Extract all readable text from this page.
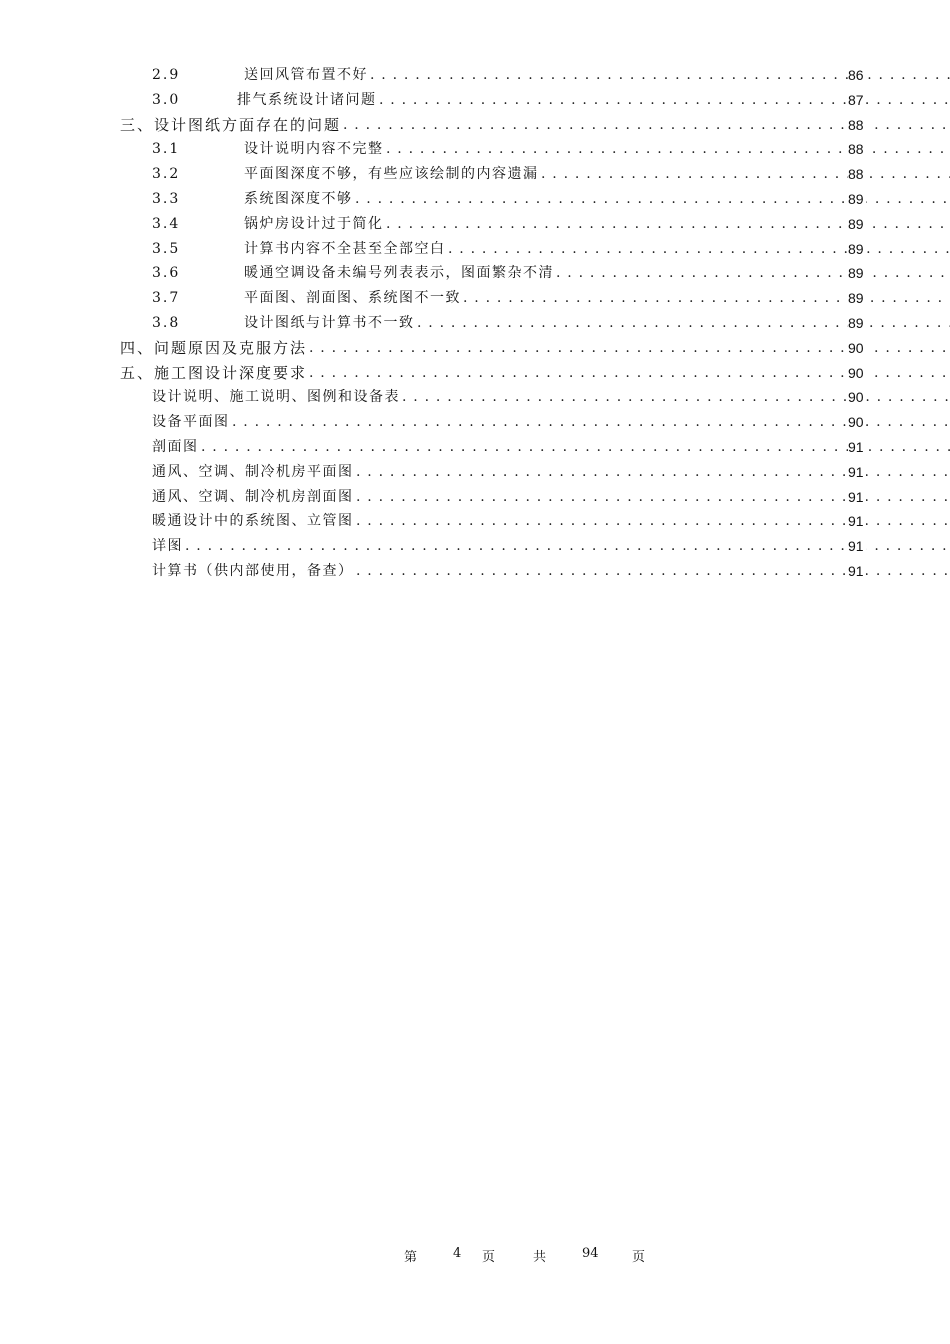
2.9	送回风管布置不好 . . .	86
3.0	排气系统设计诸问题 . . .	87
三、设计图纸方面存在的问题 . . .	88
3.1	设计说明内容不完整 . . .	88
3.2	平面图深度不够，有些应该绘制的内容遗漏 . . .	88
3.3	系统图深度不够 . . .	89
3.4	锅炉房设计过于简化 . . .	89
3.5	计算书内容不全甚至全部空白 . . .	89
3.6	暖通空调设备未编号列表表示，图面繁杂不清 . . .	89
3.7	平面图、剖面图、系统图不一致 . . .	89
3.8	设计图纸与计算书不一致 . . .	89
四、问题原因及克服方法 . . .	90
五、施工图设计深度要求 . . .	90
设计说明、施工说明、图例和设备表 . . .	90
设备平面图 . . .	90
剖面图 . . .	91
通风、空调、制冷机房平面图 . . .	91
通风、空调、制冷机房剖面图 . . .	91
暖通设计中的系统图、立管图 . . .	91
详图 . . .	91
计算书（供内部使用，备查） . . .	91
第	4 页	共	94	页
